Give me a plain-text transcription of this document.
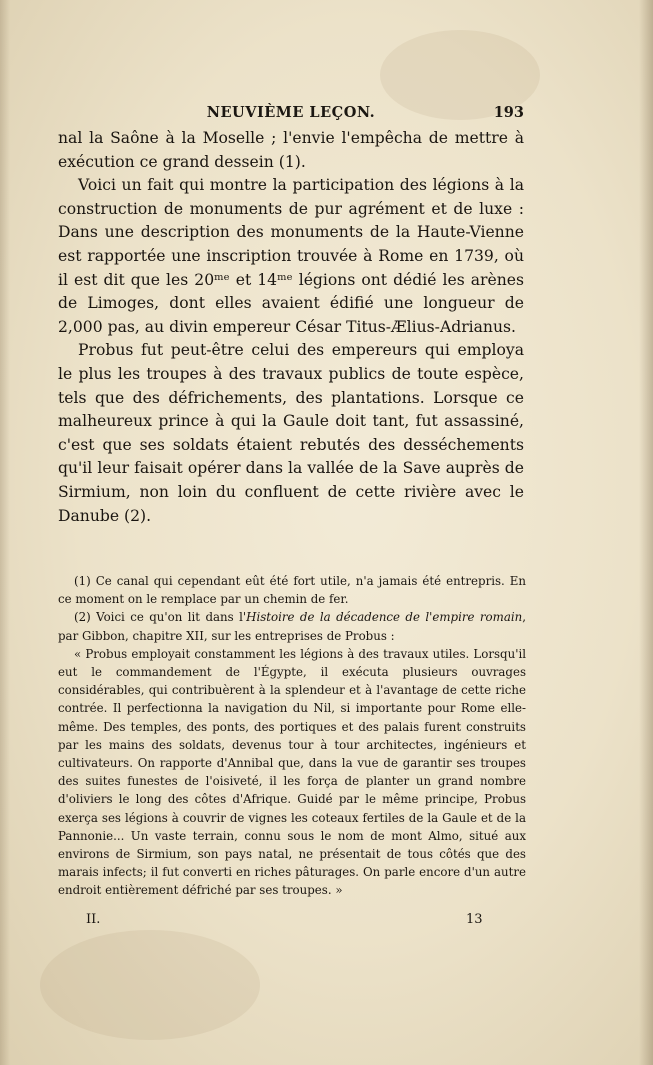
NEUVIÈME LEÇON.	193

nal la Saône à la Moselle ; l'envie l'empêcha de mettre à exécution ce grand dessein (1).

Voici un fait qui montre la participation des légions à la construction de monuments de pur agrément et de luxe : Dans une description des monuments de la Haute-Vienne est rapportée une inscription trouvée à Rome en 1739, où il est dit que les 20ᵐᵉ et 14ᵐᵉ légions ont dédié les arènes de Limoges, dont elles avaient édifié une longueur de 2,000 pas, au divin empereur César Titus-Ælius-Adrianus.

Probus fut peut-être celui des empereurs qui employa le plus les troupes à des travaux publics de toute espèce, tels que des défrichements, des plantations. Lorsque ce malheureux prince à qui la Gaule doit tant, fut assassiné, c'est que ses soldats étaient rebutés des desséchements qu'il leur faisait opérer dans la vallée de la Save auprès de Sirmium, non loin du confluent de cette rivière avec le Danube (2).

(1) Ce canal qui cependant eût été fort utile, n'a jamais été entrepris. En ce moment on le remplace par un chemin de fer.

(2) Voici ce qu'on lit dans l'Histoire de la décadence de l'empire romain, par Gibbon, chapitre XII, sur les entreprises de Probus :

« Probus employait constamment les légions à des travaux utiles. Lorsqu'il eut le commandement de l'Égypte, il exécuta plusieurs ouvrages considérables, qui contribuèrent à la splendeur et à l'avantage de cette riche contrée. Il perfectionna la navigation du Nil, si importante pour Rome elle-même. Des temples, des ponts, des portiques et des palais furent construits par les mains des soldats, devenus tour à tour architectes, ingénieurs et cultivateurs. On rapporte d'Annibal que, dans la vue de garantir ses troupes des suites funestes de l'oisiveté, il les força de planter un grand nombre d'oliviers le long des côtes d'Afrique. Guidé par le même principe, Probus exerça ses légions à couvrir de vignes les coteaux fertiles de la Gaule et de la Pannonie... Un vaste terrain, connu sous le nom de mont Almo, situé aux environs de Sirmium, son pays natal, ne présentait de tous côtés que des marais infects; il fut converti en riches pâturages. On parle encore d'un autre endroit entièrement défriché par ses troupes. »

II.	13
